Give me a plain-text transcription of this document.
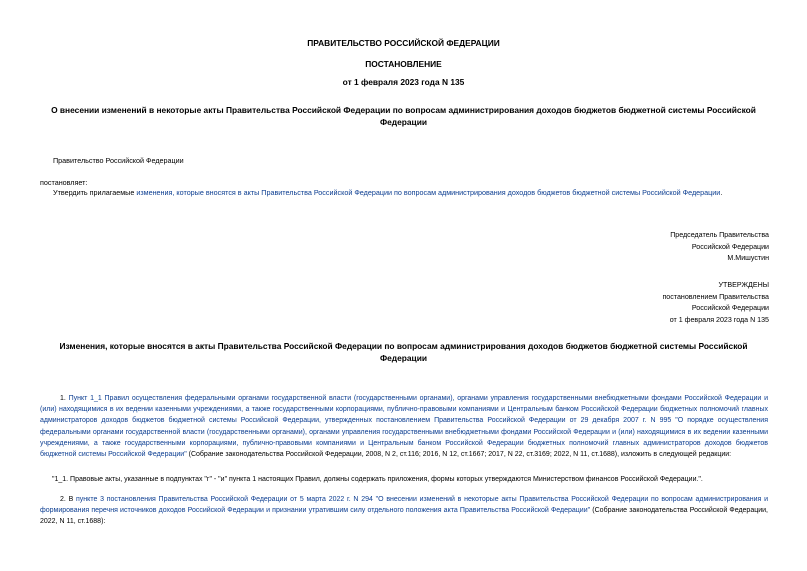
ПРАВИТЕЛЬСТВО РОССИЙСКОЙ ФЕДЕРАЦИИ
ПОСТАНОВЛЕНИЕ
от 1 февраля 2023 года N 135
О внесении изменений в некоторые акты Правительства Российской Федерации по вопросам администрирования доходов бюджетов бюджетной системы Российской Федерации
Правительство Российской Федерации
постановляет:
Утвердить прилагаемые изменения, которые вносятся в акты Правительства Российской Федерации по вопросам администрирования доходов бюджетов бюджетной системы Российской Федерации.
Председатель Правительства
Российской Федерации
М.Мишустин
УТВЕРЖДЕНЫ
постановлением Правительства
Российской Федерации
от 1 февраля 2023 года N 135
Изменения, которые вносятся в акты Правительства Российской Федерации по вопросам администрирования доходов бюджетов бюджетной системы Российской Федерации
1. Пункт 1_1 Правил осуществления федеральными органами государственной власти (государственными органами), органами управления государственными внебюджетными фондами Российской Федерации и (или) находящимися в их ведении казенными учреждениями, а также государственными корпорациями, публично-правовыми компаниями и Центральным банком Российской Федерации бюджетных полномочий главных администраторов доходов бюджетов бюджетной системы Российской Федерации, утвержденных постановлением Правительства Российской Федерации от 29 декабря 2007 г. N 995 "О порядке осуществления федеральными органами государственной власти (государственными органами), органами управления государственными внебюджетными фондами Российской Федерации и (или) находящимися в их ведении казенными учреждениями, а также государственными корпорациями, публично-правовыми компаниями и Центральным банком Российской Федерации бюджетных полномочий главных администраторов доходов бюджетов бюджетной системы Российской Федерации" (Собрание законодательства Российской Федерации, 2008, N 2, ст.116; 2016, N 12, ст.1667; 2017, N 22, ст.3169; 2022, N 11, ст.1688), изложить в следующей редакции:
"1_1. Правовые акты, указанные в подпунктах "г" - "и" пункта 1 настоящих Правил, должны содержать приложения, формы которых утверждаются Министерством финансов Российской Федерации.".
2. В пункте 3 постановления Правительства Российской Федерации от 5 марта 2022 г. N 294 "О внесении изменений в некоторые акты Правительства Российской Федерации по вопросам администрирования и формирования перечня источников доходов Российской Федерации и признании утратившим силу отдельного положения акта Правительства Российской Федерации" (Собрание законодательства Российской Федерации, 2022, N 11, ст.1688):
